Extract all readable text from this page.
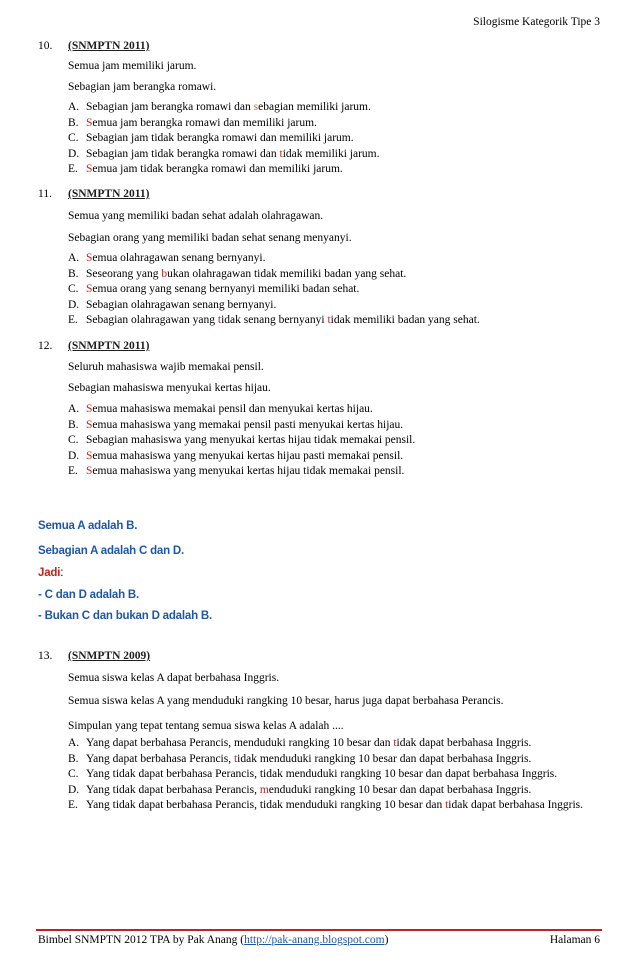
Silogisme Kategorik Tipe 3
10. (SNMPTN 2011)
Semua jam memiliki jarum.
Sebagian jam berangka romawi.
A. Sebagian jam berangka romawi dan sebagian memiliki jarum.
B. Semua jam berangka romawi dan memiliki jarum.
C. Sebagian jam tidak berangka romawi dan memiliki jarum.
D. Sebagian jam tidak berangka romawi dan tidak memiliki jarum.
E. Semua jam tidak berangka romawi dan memiliki jarum.
11. (SNMPTN 2011)
Semua yang memiliki badan sehat adalah olahragawan.
Sebagian orang yang memiliki badan sehat senang menyanyi.
A. Semua olahragawan senang bernyanyi.
B. Seseorang yang bukan olahragawan tidak memiliki badan yang sehat.
C. Semua orang yang senang bernyanyi memiliki badan sehat.
D. Sebagian olahragawan senang bernyanyi.
E. Sebagian olahragawan yang tidak senang bernyanyi tidak memiliki badan yang sehat.
12. (SNMPTN 2011)
Seluruh mahasiswa wajib memakai pensil.
Sebagian mahasiswa menyukai kertas hijau.
A. Semua mahasiswa memakai pensil dan menyukai kertas hijau.
B. Semua mahasiswa yang memakai pensil pasti menyukai kertas hijau.
C. Sebagian mahasiswa yang menyukai kertas hijau tidak memakai pensil.
D. Semua mahasiswa yang menyukai kertas hijau pasti memakai pensil.
E. Semua mahasiswa yang menyukai kertas hijau tidak memakai pensil.
Semua A adalah B.
Sebagian A adalah C dan D.
Jadi:
- C dan D adalah B.
- Bukan C dan bukan D adalah B.
13. (SNMPTN 2009)
Semua siswa kelas A dapat berbahasa Inggris.
Semua siswa kelas A yang menduduki rangking 10 besar, harus juga dapat berbahasa Perancis.
Simpulan yang tepat tentang semua siswa kelas A adalah ....
A. Yang dapat berbahasa Perancis, menduduki rangking 10 besar dan tidak dapat berbahasa Inggris.
B. Yang dapat berbahasa Perancis, tidak menduduki rangking 10 besar dan dapat berbahasa Inggris.
C. Yang tidak dapat berbahasa Perancis, tidak menduduki rangking 10 besar dan dapat berbahasa Inggris.
D. Yang tidak dapat berbahasa Perancis, menduduki rangking 10 besar dan dapat berbahasa Inggris.
E. Yang tidak dapat berbahasa Perancis, tidak menduduki rangking 10 besar dan tidak dapat berbahasa Inggris.
Bimbel SNMPTN 2012 TPA by Pak Anang (http://pak-anang.blogspot.com)	Halaman 6
